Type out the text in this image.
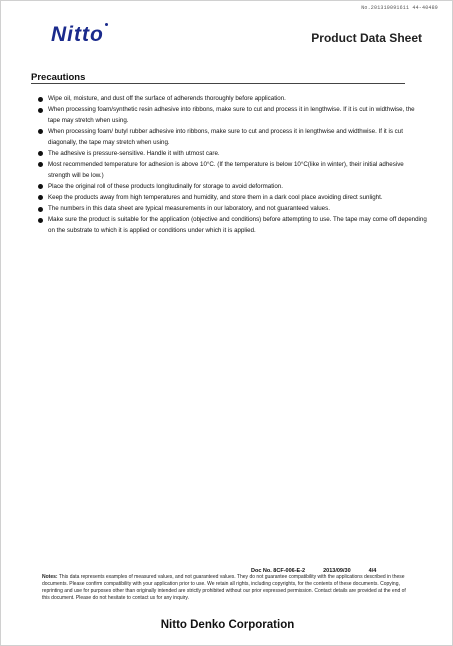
No.201310091611 44-40489
Nitto	Product Data Sheet
Precautions
Wipe oil, moisture, and dust off the surface of adherends thoroughly before application.
When processing foam/synthetic resin adhesive into ribbons, make sure to cut and process it in lengthwise. If it is cut in widthwise, the tape may stretch when using.
When processing foam/ butyl rubber adhesive into ribbons, make sure to cut and process it in lengthwise and widthwise. If it is cut diagonally, the tape may stretch when using.
The adhesive is pressure-sensitive. Handle it with utmost care.
Most recommended temperature for adhesion is above 10°C. (If the temperature is below 10°C(like in winter), their initial adhesive strength will be low.)
Place the original roll of these products longitudinally for storage to avoid deformation.
Keep the products away from high temperatures and humidity, and store them in a dark cool place avoiding direct sunlight.
The numbers in this data sheet are typical measurements in our laboratory, and not guaranteed values.
Make sure the product is suitable for the application (objective and conditions) before attempting to use. The tape may come off depending on the substrate to which it is applied or conditions under which it is applied.
Doc No. 8CF-006-E-2	2013/09/30	4/4
Notes: This data represents examples of measured values, and not guaranteed values. They do not guarantee compatibility with the applications described in these documents. Please confirm compatibility with your application prior to use. We retain all rights, including copyrights, for the contents of these documents. Copying, reprinting and use for purposes other than originally intended are strictly prohibited without our prior expressed permission. Contact details are provided at the end of this document. Please do not hesitate to contact us for any inquiry.
Nitto Denko Corporation
